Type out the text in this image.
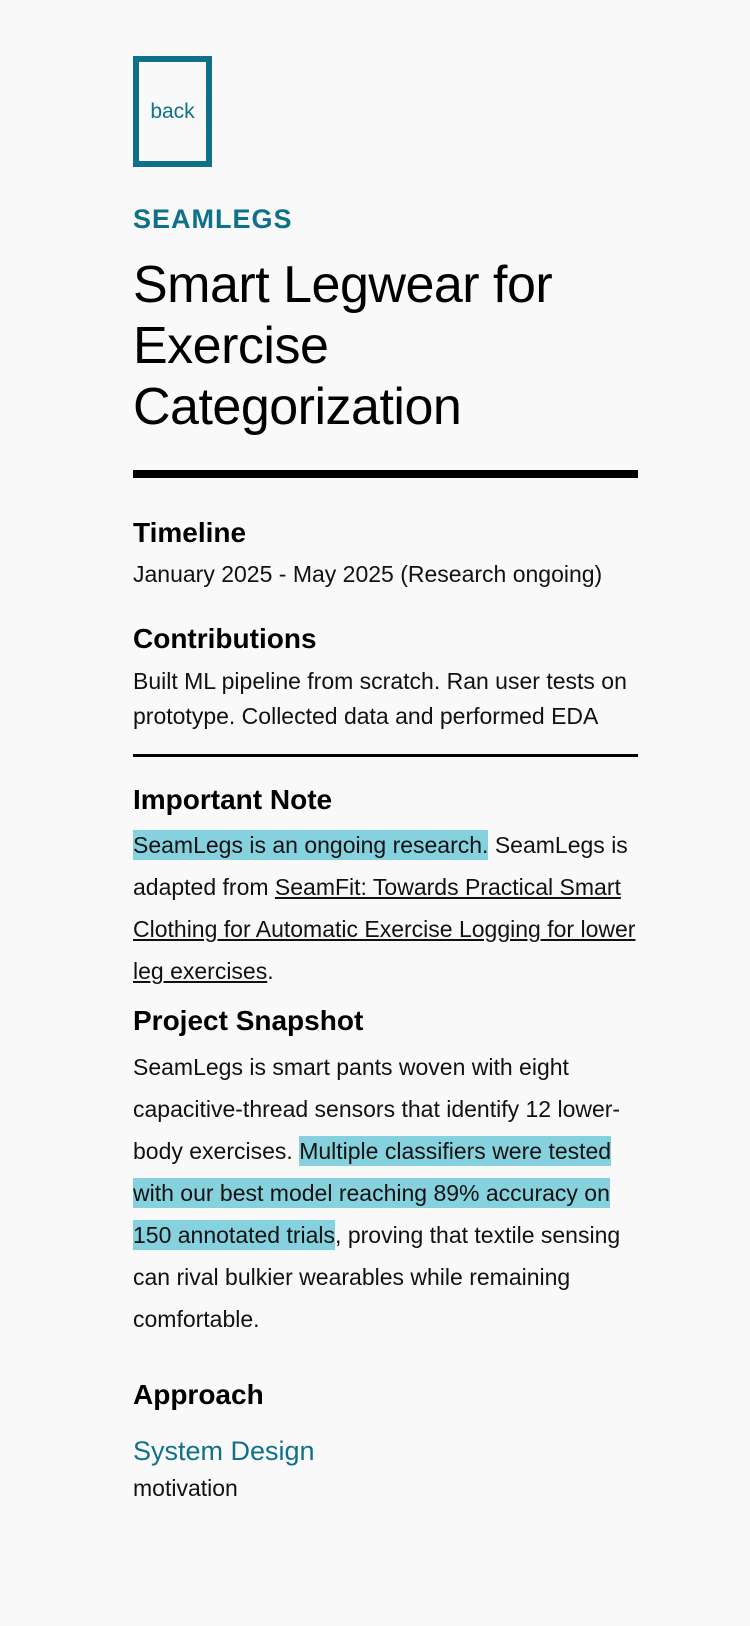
back
SEAMLEGS
Smart Legwear for Exercise Categorization
Timeline
January 2025 - May 2025 (Research ongoing)
Contributions
Built ML pipeline from scratch. Ran user tests on prototype. Collected data and performed EDA
Important Note
SeamLegs is an ongoing research. SeamLegs is adapted from SeamFit: Towards Practical Smart Clothing for Automatic Exercise Logging for lower leg exercises.
Project Snapshot
SeamLegs is smart pants woven with eight capacitive-thread sensors that identify 12 lower-body exercises. Multiple classifiers were tested with our best model reaching 89% accuracy on 150 annotated trials, proving that textile sensing can rival bulkier wearables while remaining comfortable.
Approach
System Design
motivation
